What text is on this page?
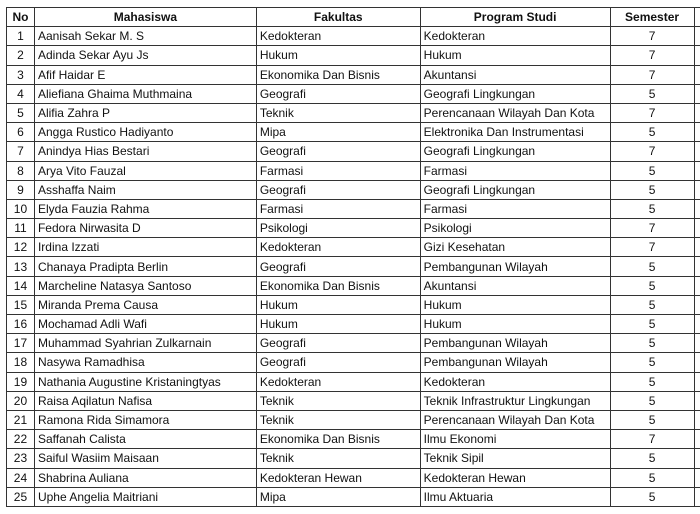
No	Mahasiswa	Fakultas	Program Studi	Semester	
1	Aanisah Sekar M. S	Kedokteran	Kedokteran	7	
2	Adinda Sekar Ayu Js	Hukum	Hukum	7	
3	Afif Haidar E	Ekonomika Dan Bisnis	Akuntansi	7	
4	Aliefiana Ghaima Muthmaina	Geografi	Geografi Lingkungan	5	
5	Alifia Zahra P	Teknik	Perencanaan Wilayah Dan Kota	7	
6	Angga Rustico Hadiyanto	Mipa	Elektronika Dan Instrumentasi	5	
7	Anindya Hias Bestari	Geografi	Geografi Lingkungan	7	
8	Arya Vito Fauzal	Farmasi	Farmasi	5	
9	Asshaffa Naim	Geografi	Geografi Lingkungan	5	
10	Elyda Fauzia Rahma	Farmasi	Farmasi	5	
11	Fedora Nirwasita D	Psikologi	Psikologi	7	
12	Irdina Izzati	Kedokteran	Gizi Kesehatan	7	
13	Chanaya Pradipta Berlin	Geografi	Pembangunan Wilayah	5	
14	Marcheline Natasya Santoso	Ekonomika Dan Bisnis	Akuntansi	5	
15	Miranda Prema Causa	Hukum	Hukum	5	
16	Mochamad Adli Wafi	Hukum	Hukum	5	
17	Muhammad Syahrian Zulkarnain	Geografi	Pembangunan Wilayah	5	
18	Nasywa Ramadhisa	Geografi	Pembangunan Wilayah	5	
19	Nathania Augustine Kristaningtyas	Kedokteran	Kedokteran	5	
20	Raisa Aqilatun Nafisa	Teknik	Teknik Infrastruktur Lingkungan	5	
21	Ramona Rida Simamora	Teknik	Perencanaan Wilayah Dan Kota	5	
22	Saffanah Calista	Ekonomika Dan Bisnis	Ilmu Ekonomi	7	
23	Saiful Wasiim Maisaan	Teknik	Teknik Sipil	5	
24	Shabrina Auliana	Kedokteran Hewan	Kedokteran Hewan	5	
25	Uphe Angelia Maitriani	Mipa	Ilmu Aktuaria	5	
